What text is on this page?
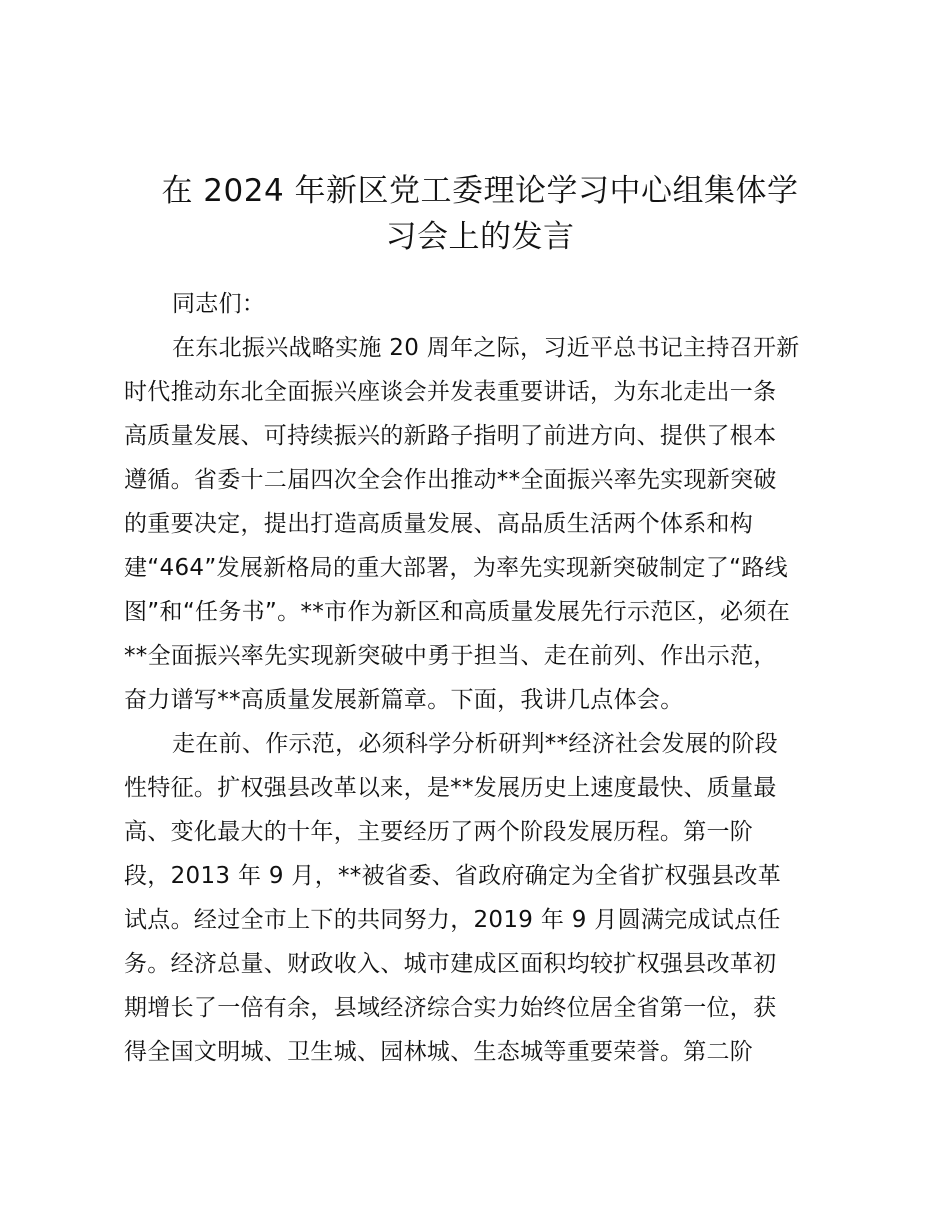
在 2024 年新区党工委理论学习中心组集体学
习会上的发言
同志们：
在东北振兴战略实施 20 周年之际，习近平总书记主持召开新
时代推动东北全面振兴座谈会并发表重要讲话，为东北走出一条
高质量发展、可持续振兴的新路子指明了前进方向、提供了根本
遵循。省委十二届四次全会作出推动**全面振兴率先实现新突破
的重要决定，提出打造高质量发展、高品质生活两个体系和构
建“464”发展新格局的重大部署，为率先实现新突破制定了“路线
图”和“任务书”。**市作为新区和高质量发展先行示范区，必须在
**全面振兴率先实现新突破中勇于担当、走在前列、作出示范，
奋力谱写**高质量发展新篇章。下面，我讲几点体会。
走在前、作示范，必须科学分析研判**经济社会发展的阶段
性特征。扩权强县改革以来，是**发展历史上速度最快、质量最
高、变化最大的十年，主要经历了两个阶段发展历程。第一阶
段，2013 年 9 月，**被省委、省政府确定为全省扩权强县改革
试点。经过全市上下的共同努力，2019 年 9 月圆满完成试点任
务。经济总量、财政收入、城市建成区面积均较扩权强县改革初
期增长了一倍有余，县域经济综合实力始终位居全省第一位，获
得全国文明城、卫生城、园林城、生态城等重要荣誉。第二阶
